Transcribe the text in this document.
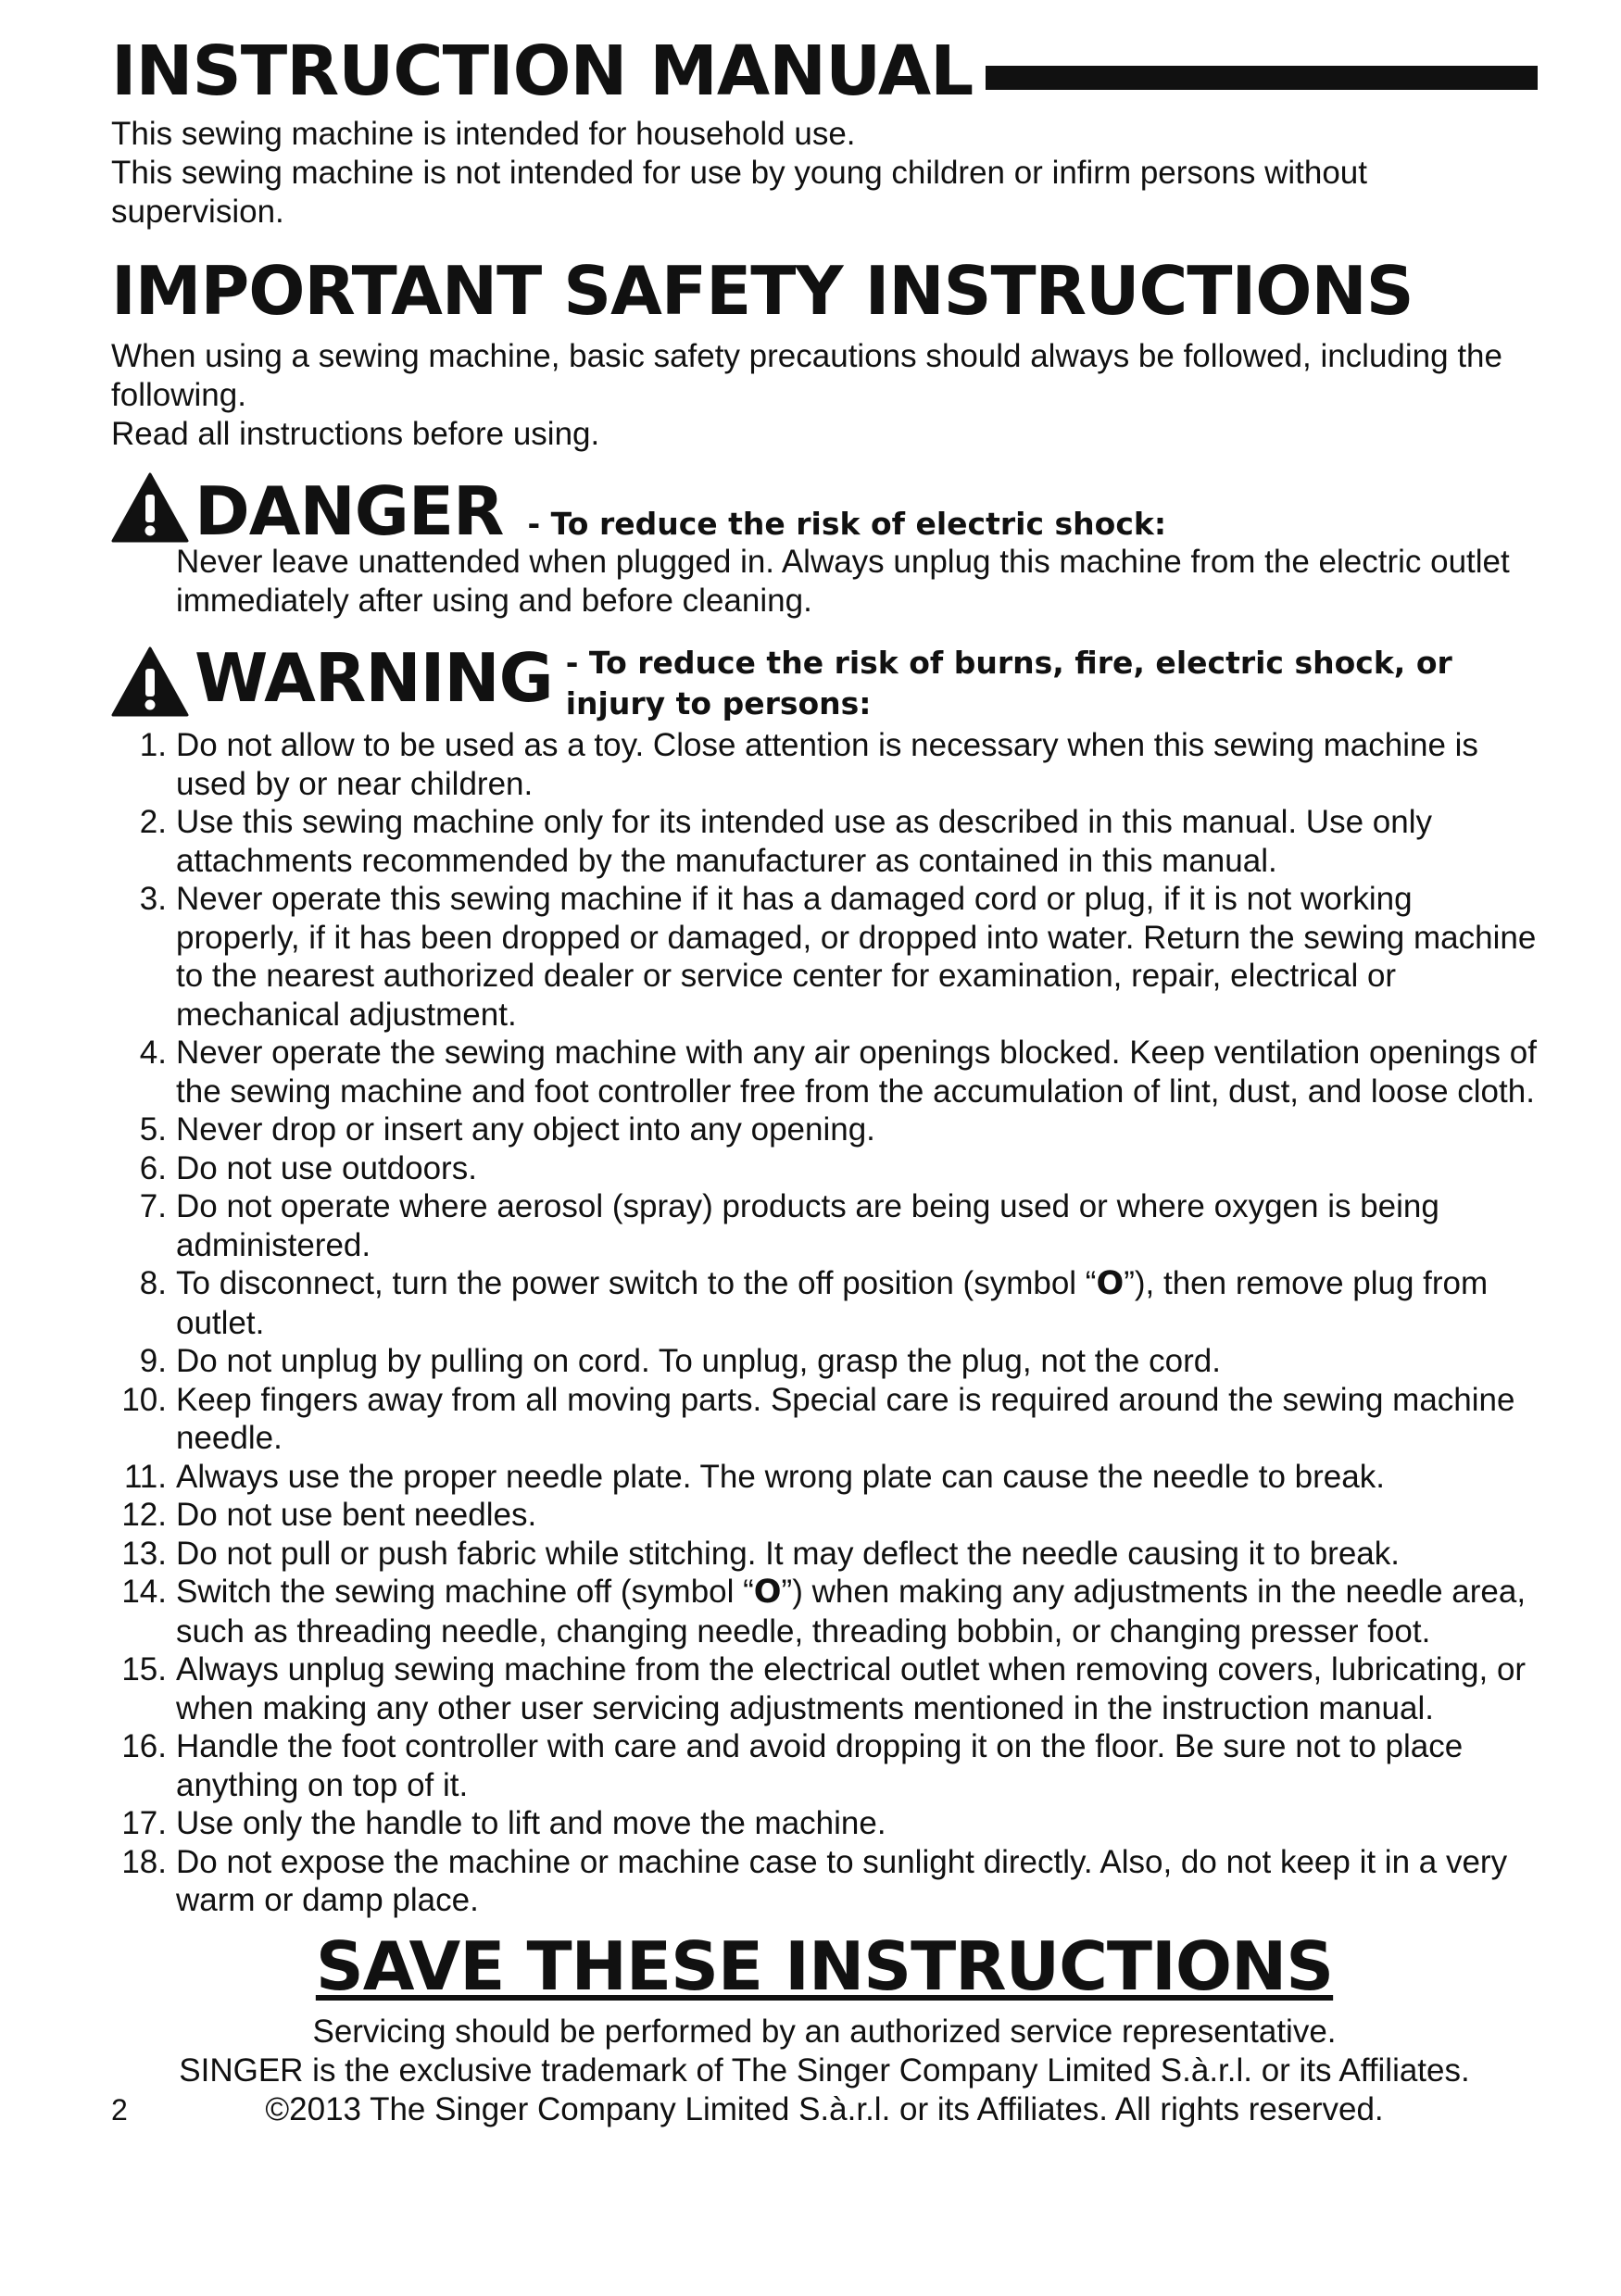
INSTRUCTION MANUAL

This sewing machine is intended for household use.

This sewing machine is not intended for use by young children or infirm persons without supervision.

IMPORTANT SAFETY INSTRUCTIONS

When using a sewing machine, basic safety precautions should always be followed, including the following.

Read all instructions before using.

DANGER - To reduce the risk of electric shock:
Never leave unattended when plugged in. Always unplug this machine from the electric outlet immediately after using and before cleaning.
WARNING - To reduce the risk of burns, fire, electric shock, or injury to persons:
1. Do not allow to be used as a toy. Close attention is necessary when this sewing machine is used by or near children.
2. Use this sewing machine only for its intended use as described in this manual. Use only attachments recommended by the manufacturer as contained in this manual.
3. Never operate this sewing machine if it has a damaged cord or plug, if it is not working properly, if it has been dropped or damaged, or dropped into water. Return the sewing machine to the nearest authorized dealer or service center for examination, repair, electrical or mechanical adjustment.
4. Never operate the sewing machine with any air openings blocked. Keep ventilation openings of the sewing machine and foot controller free from the accumulation of lint, dust, and loose cloth.
5. Never drop or insert any object into any opening.
6. Do not use outdoors.
7. Do not operate where aerosol (spray) products are being used or where oxygen is being administered.
8. To disconnect, turn the power switch to the off position (symbol “O”), then remove plug from outlet.
9. Do not unplug by pulling on cord. To unplug, grasp the plug, not the cord.
10. Keep fingers away from all moving parts. Special care is required around the sewing machine needle.
11. Always use the proper needle plate. The wrong plate can cause the needle to break.
12. Do not use bent needles.
13. Do not pull or push fabric while stitching. It may deflect the needle causing it to break.
14. Switch the sewing machine off (symbol “O”) when making any adjustments in the needle area, such as threading needle, changing needle, threading bobbin, or changing presser foot.
15. Always unplug sewing machine from the electrical outlet when removing covers, lubricating, or when making any other user servicing adjustments mentioned in the instruction manual.
16. Handle the foot controller with care and avoid dropping it on the floor. Be sure not to place anything on top of it.
17. Use only the handle to lift and move the machine.
18. Do not expose the machine or machine case to sunlight directly. Also, do not keep it in a very warm or damp place.
SAVE THESE INSTRUCTIONS
Servicing should be performed by an authorized service representative.
SINGER is the exclusive trademark of The Singer Company Limited S.à.r.l. or its Affiliates.
2	©2013 The Singer Company Limited S.à.r.l. or its Affiliates. All rights reserved.
